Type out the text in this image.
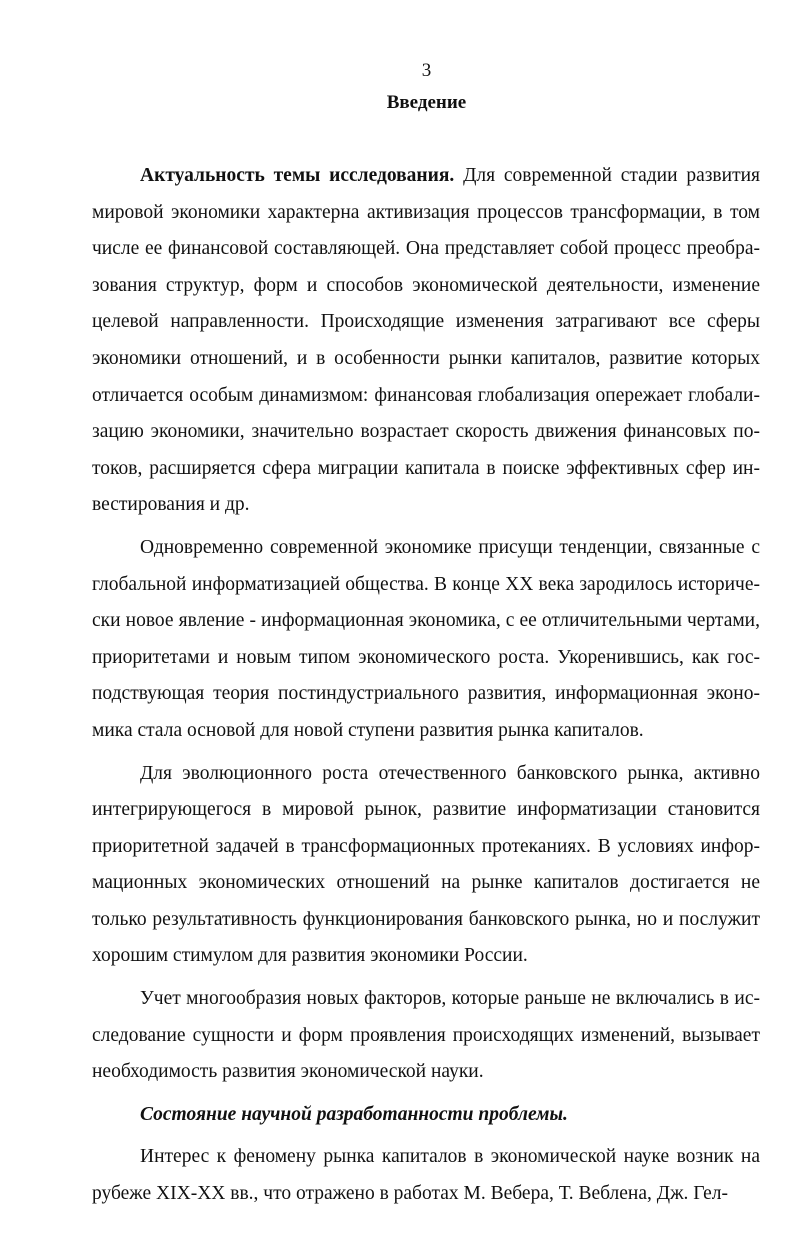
3
Введение

Актуальность темы исследования. Для современной стадии развития мировой экономики характерна активизация процессов трансформации, в том числе ее финансовой составляющей. Она представляет собой процесс преобразования структур, форм и способов экономической деятельности, изменение целевой направленности. Происходящие изменения затрагивают все сферы экономики отношений, и в особенности рынки капиталов, развитие которых отличается особым динамизмом: финансовая глобализация опережает глобализацию экономики, значительно возрастает скорость движения финансовых потоков, расширяется сфера миграции капитала в поиске эффективных сфер инвестирования и др.

Одновременно современной экономике присущи тенденции, связанные с глобальной информатизацией общества. В конце XX века зародилось исторически новое явление - информационная экономика, с ее отличительными чертами, приоритетами и новым типом экономического роста. Укоренившись, как господствующая теория постиндустриального развития, информационная экономика стала основой для новой ступени развития рынка капиталов.

Для эволюционного роста отечественного банковского рынка, активно интегрирующегося в мировой рынок, развитие информатизации становится приоритетной задачей в трансформационных протеканиях. В условиях информационных экономических отношений на рынке капиталов достигается не только результативность функционирования банковского рынка, но и послужит хорошим стимулом для развития экономики России.

Учет многообразия новых факторов, которые раньше не включались в исследование сущности и форм проявления происходящих изменений, вызывает необходимость развития экономической науки.

Состояние научной разработанности проблемы.

Интерес к феномену рынка капиталов в экономической науке возник на рубеже XIX-XX вв., что отражено в работах М. Вебера, Т. Веблена, Дж. Гел-
